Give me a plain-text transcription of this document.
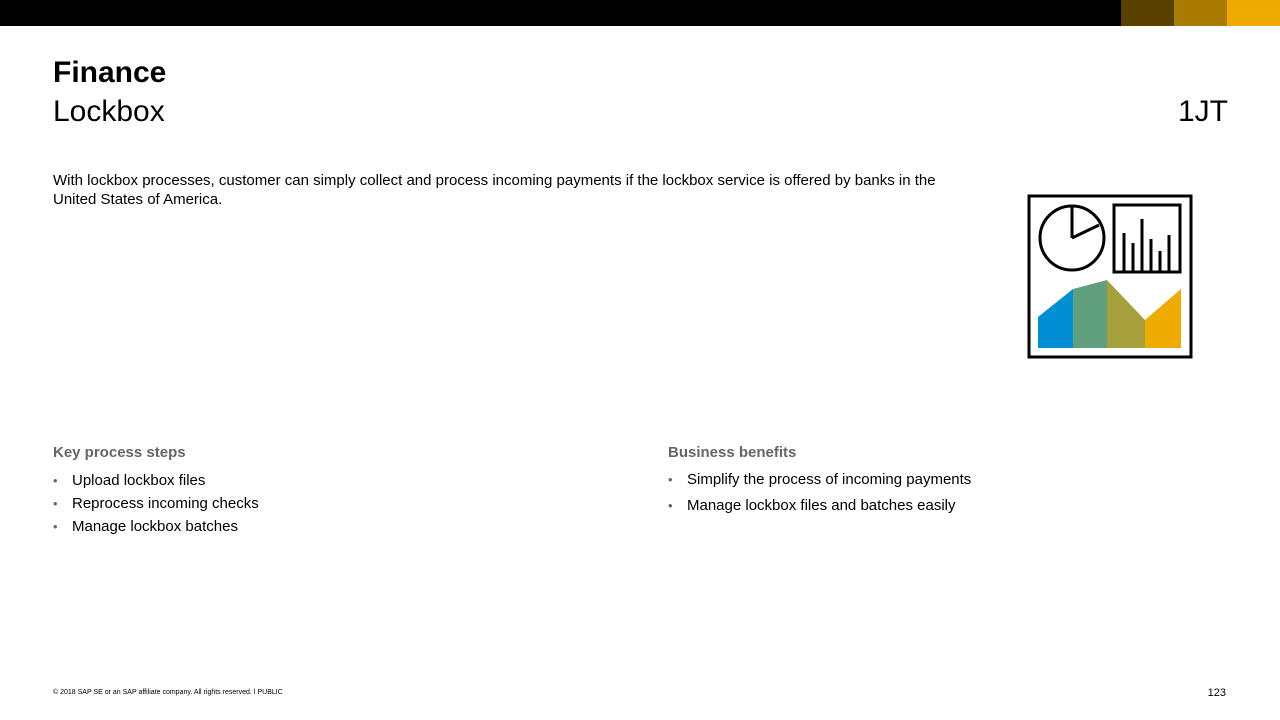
Finance
Lockbox	1JT
With lockbox processes, customer can simply collect and process incoming payments if the lockbox service is offered by banks in the United States of America.
Key process steps
• Upload lockbox files
• Reprocess incoming checks
• Manage lockbox batches
Business benefits
• Simplify the process of incoming payments
• Manage lockbox files and batches easily
© 2018 SAP SE or an SAP affiliate company. All rights reserved. ǀ PUBLIC	123
